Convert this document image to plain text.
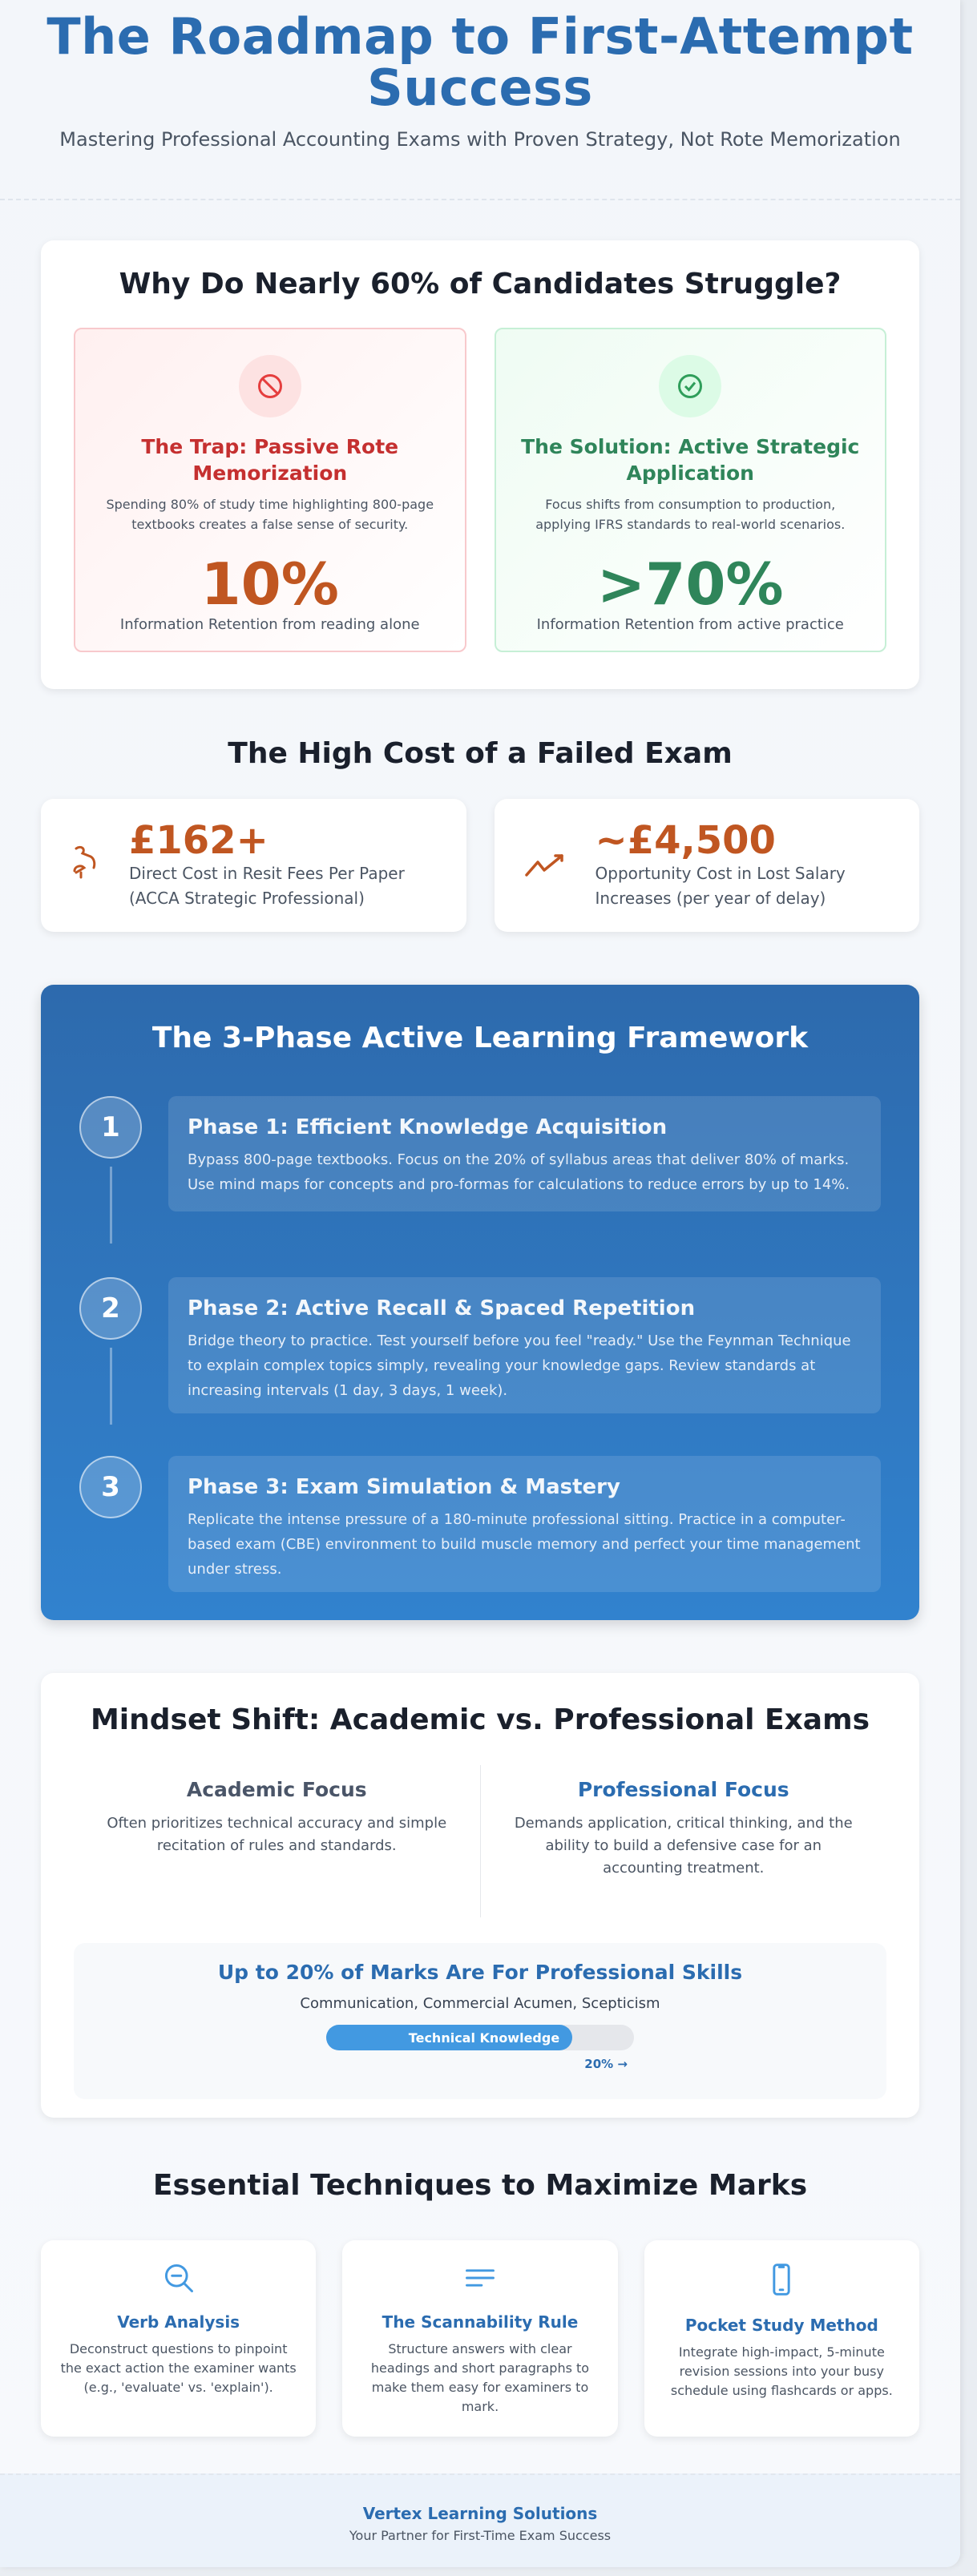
The Roadmap to First-Attempt Success
Mastering Professional Accounting Exams with Proven Strategy, Not Rote Memorization
Why Do Nearly 60% of Candidates Struggle?
The Trap: Passive Rote Memorization

Spending 80% of study time highlighting 800-page textbooks creates a false sense of security.

10%
Information Retention from reading alone
The Solution: Active Strategic Application

Focus shifts from consumption to production, applying IFRS standards to real-world scenarios.

>70%
Information Retention from active practice
The High Cost of a Failed Exam
£162+
Direct Cost in Resit Fees Per Paper (ACCA Strategic Professional)
~£4,500
Opportunity Cost in Lost Salary Increases (per year of delay)
The 3-Phase Active Learning Framework
1	Phase 1: Efficient Knowledge Acquisition

Bypass 800-page textbooks. Focus on the 20% of syllabus areas that deliver 80% of marks. Use mind maps for concepts and pro-formas for calculations to reduce errors by up to 14%.

2	Phase 2: Active Recall & Spaced Repetition

Bridge theory to practice. Test yourself before you feel "ready." Use the Feynman Technique to explain complex topics simply, revealing your knowledge gaps. Review standards at increasing intervals (1 day, 3 days, 1 week).

3	Phase 3: Exam Simulation & Mastery

Replicate the intense pressure of a 180-minute professional sitting. Practice in a computer-based exam (CBE) environment to build muscle memory and perfect your time management under stress.

Mindset Shift: Academic vs. Professional Exams
Academic Focus

Often prioritizes technical accuracy and simple recitation of rules and standards.

Professional Focus

Demands application, critical thinking, and the ability to build a defensive case for an accounting treatment.

Up to 20% of Marks Are For Professional Skills
Communication, Commercial Acumen, Scepticism
Technical Knowledge
20% →
Essential Techniques to Maximize Marks
Verb Analysis

Deconstruct questions to pinpoint the exact action the examiner wants (e.g., 'evaluate' vs. 'explain').

The Scannability Rule

Structure answers with clear headings and short paragraphs to make them easy for examiners to mark.

Pocket Study Method

Integrate high-impact, 5-minute revision sessions into your busy schedule using flashcards or apps.

Vertex Learning Solutions
Your Partner for First-Time Exam Success
